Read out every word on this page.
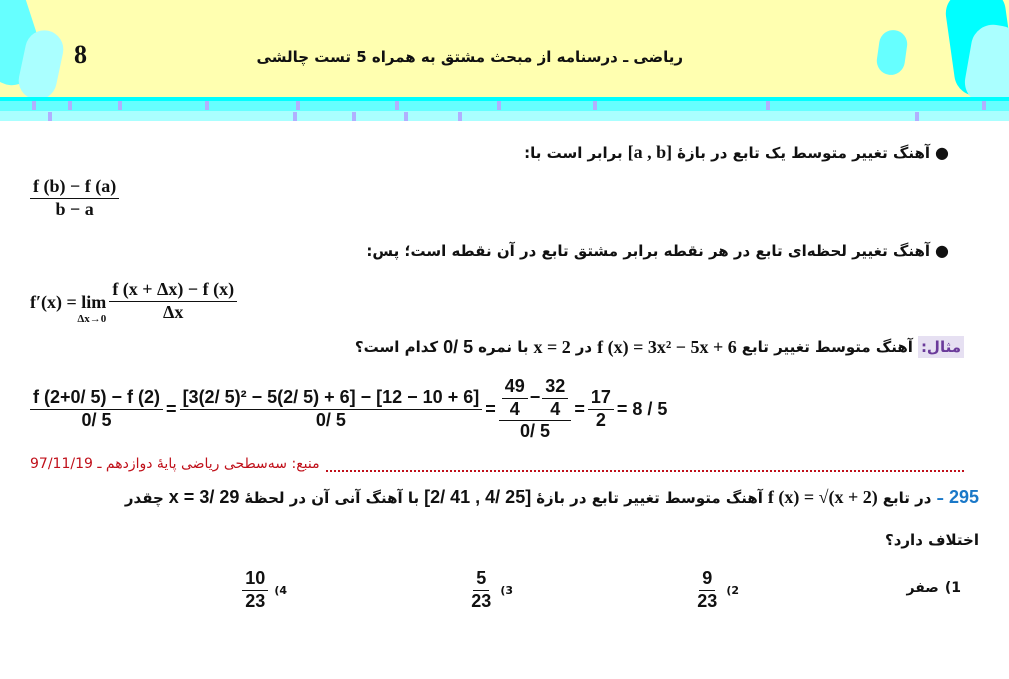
8	ریاضی ـ درسنامه از مبحث مشتق به همراه 5 تست چالشی
●
آهنگ تغییر متوسط یک تابع در بازهٔ
[a , b]
برابر است با:
$\frac{f (b) - f (a)}{b - a}$
●
آهنگ تغییر لحظه‌ای تابع در هر نقطه برابر مشتق تابع در آن نقطه است؛ پس:
f′(x) = lim
$\Delta x\to 0 \frac{f (x + \Delta x) - f (x)}{\Delta x}$
مثال:
آهنگ متوسط تغییر تابع
f (x) = 3x² − 5x + 6
در
x = 2
با نمره
0/ 5
کدام است؟
$\frac{f (2+0/ 5) - f (2)}{0/ 5} = \frac{\text{[3(2/ 5)² − 5(2/ 5) + 6] − [12 − 10 + 6]}}{0/ 5} = \frac{\frac{49}{4} - \frac{32}{4}}{0/ 5} = \frac{17}{2} = 8 / 5$
منبع: سه‌سطحی ریاضی پایهٔ دوازدهم ـ 97/11/19
295
–
در تابع
f (x) = √(x + 2)
آهنگ متوسط تغییر تابع در بازهٔ
[2/ 41 , 4/ 25]
با آهنگ آنی آن در لحظهٔ
x = 3/ 29
چقدر
اختلاف دارد؟
1)
صفر
2)
$\frac{9}{23}$
3)
$\frac{5}{23}$
4)
$\frac{10}{23}$
